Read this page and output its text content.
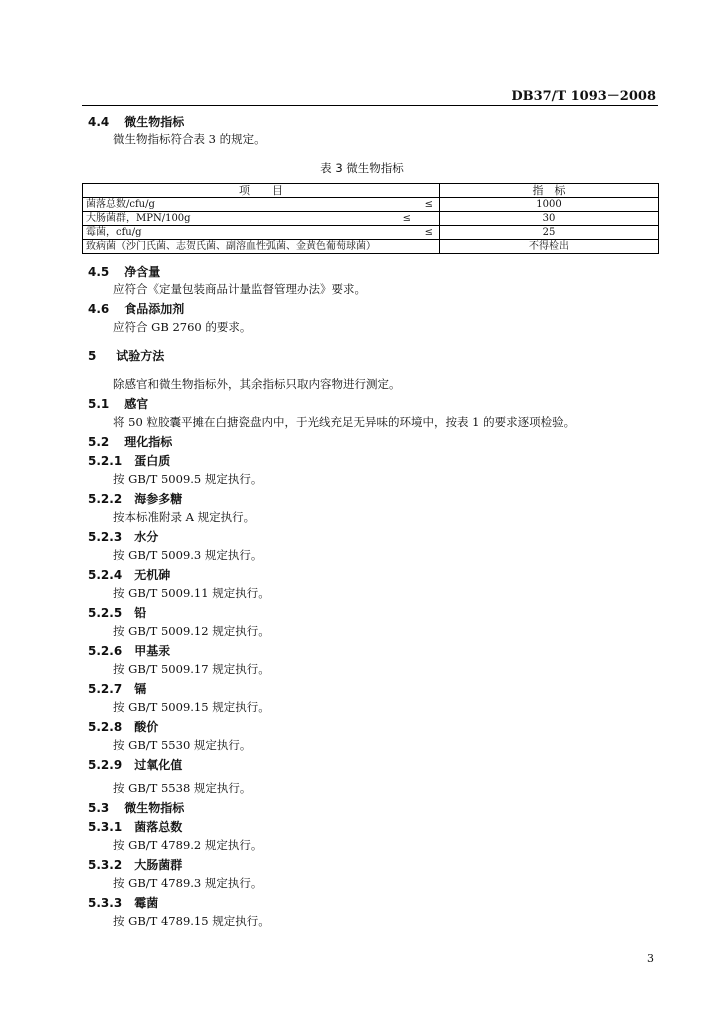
DB37/T 1093－2008
4.4 微生物指标
微生物指标符合表 3 的规定。
表 3 微生物指标
项　　目	指　标
菌落总数/cfu/g ≤	1000
大肠菌群，MPN/100g ≤	30
霉菌，cfu/g ≤	25
致病菌（沙门氏菌、志贺氏菌、副溶血性弧菌、金黄色葡萄球菌）	不得检出
4.5 净含量
应符合《定量包装商品计量监督管理办法》要求。
4.6 食品添加剂
应符合 GB 2760 的要求。
5 试验方法
除感官和微生物指标外，其余指标只取内容物进行测定。
5.1 感官
将 50 粒胶囊平摊在白搪瓷盘内中，于光线充足无异味的环境中，按表 1 的要求逐项检验。
5.2 理化指标
5.2.1 蛋白质
按 GB/T 5009.5 规定执行。
5.2.2 海参多糖
按本标准附录 A 规定执行。
5.2.3 水分
按 GB/T 5009.3 规定执行。
5.2.4 无机砷
按 GB/T 5009.11 规定执行。
5.2.5 铅
按 GB/T 5009.12 规定执行。
5.2.6 甲基汞
按 GB/T 5009.17 规定执行。
5.2.7 镉
按 GB/T 5009.15 规定执行。
5.2.8 酸价
按 GB/T 5530 规定执行。
5.2.9 过氧化值
按 GB/T 5538 规定执行。
5.3 微生物指标
5.3.1 菌落总数
按 GB/T 4789.2 规定执行。
5.3.2 大肠菌群
按 GB/T 4789.3 规定执行。
5.3.3 霉菌
按 GB/T 4789.15 规定执行。
3
